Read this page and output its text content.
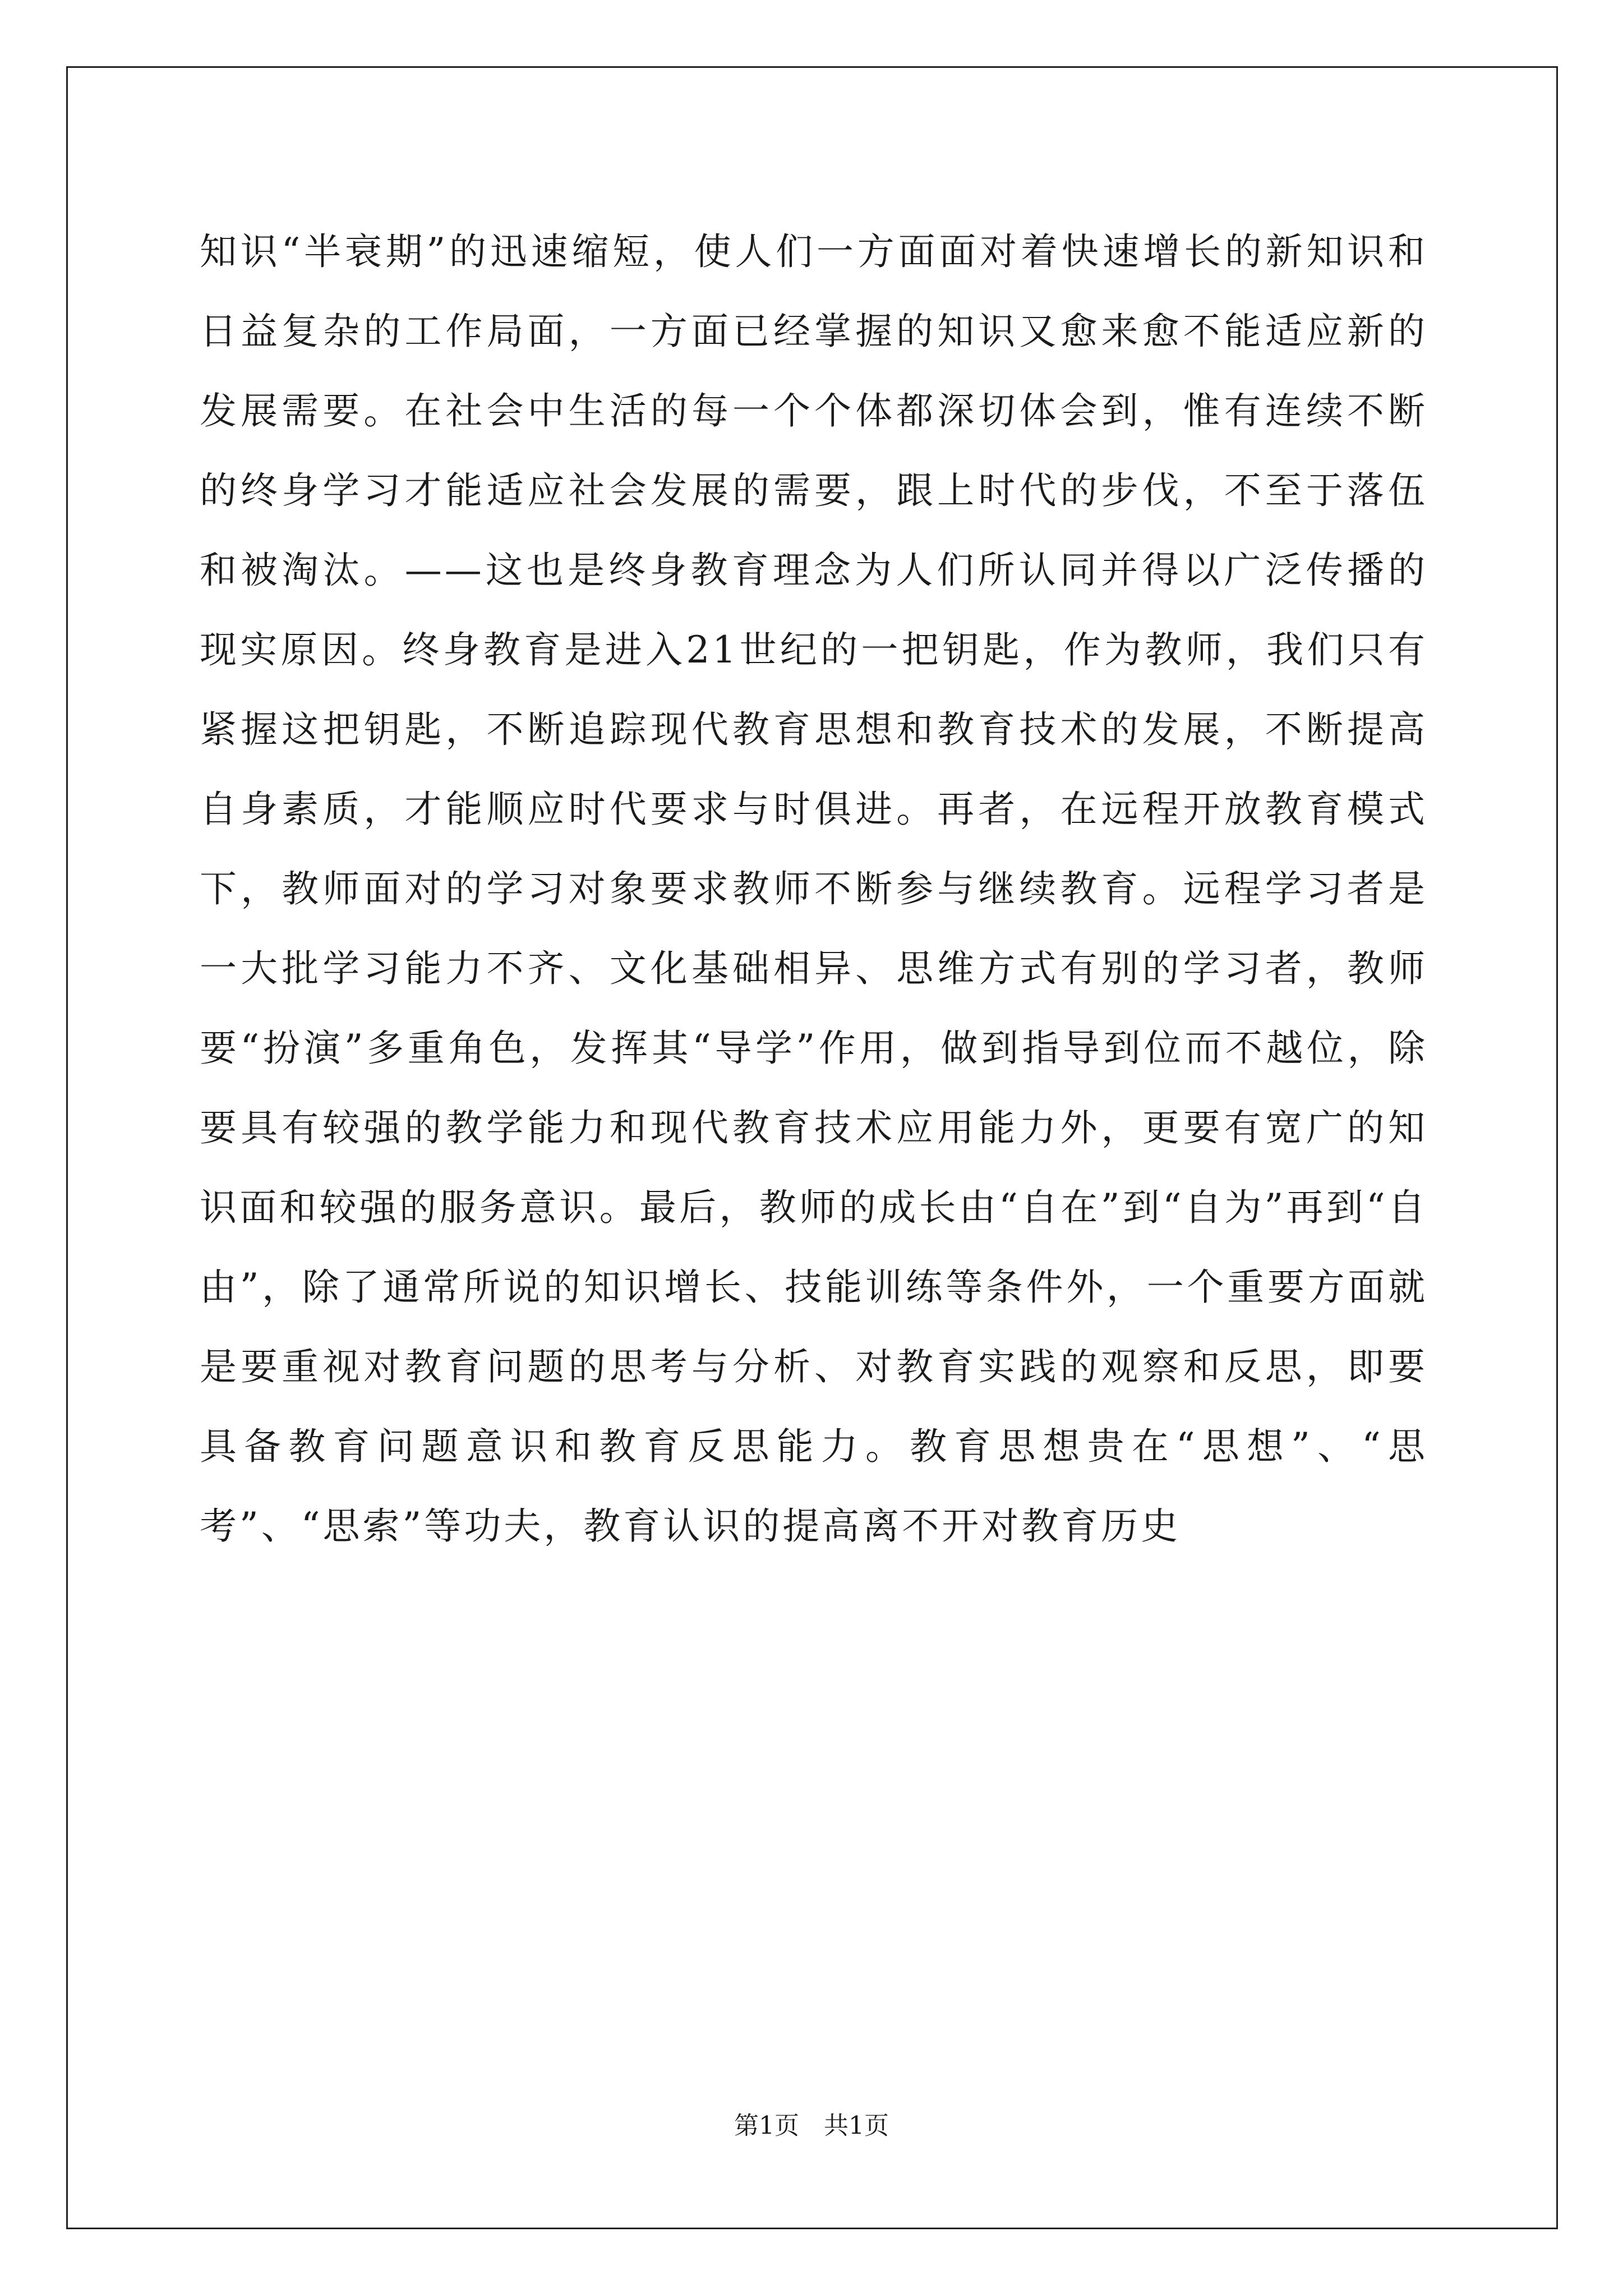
知识“半衰期”的迅速缩短，使人们一方面面对着快速增长的新知识和日益复杂的工作局面，一方面已经掌握的知识又愈来愈不能适应新的发展需要。在社会中生活的每一个个体都深切体会到，惟有连续不断的终身学习才能适应社会发展的需要，跟上时代的步伐，不至于落伍和被淘汰。——这也是终身教育理念为人们所认同并得以广泛传播的现实原因。终身教育是进入21世纪的一把钥匙，作为教师，我们只有紧握这把钥匙，不断追踪现代教育思想和教育技术的发展，不断提高自身素质，才能顺应时代要求与时俱进。再者，在远程开放教育模式下，教师面对的学习对象要求教师不断参与继续教育。远程学习者是一大批学习能力不齐、文化基础相异、思维方式有别的学习者，教师要“扮演”多重角色，发挥其“导学”作用，做到指导到位而不越位，除要具有较强的教学能力和现代教育技术应用能力外，更要有宽广的知识面和较强的服务意识。最后，教师的成长由“自在”到“自为”再到“自由”，除了通常所说的知识增长、技能训练等条件外，一个重要方面就是要重视对教育问题的思考与分析、对教育实践的观察和反思，即要具备教育问题意识和教育反思能力。教育思想贵在“思想”、“思考”、“思索”等功夫，教育认识的提高离不开对教育历史

第1页　共1页
